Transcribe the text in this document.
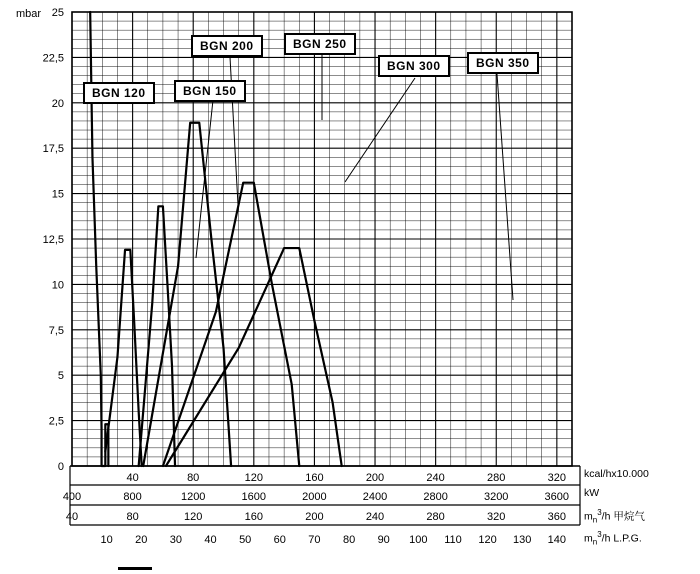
0
2,5
5
7,5
10
12,5
15
17,5
20
22,5
25
40	80	120	160	200	240	280	320
400	800	1200	1600	2000	2400	2800	3200	3600
40	80	120	160	200	240	280	320	360
10 20 30 40 50 60 70 80 90 100 110 120 130 140
mbar
BGN 120	BGN 150
BGN 200	BGN 250
BGN 300	BGN 350
kcal/hx10.000
kW
$m_n^3/h$ 甲烷气
$m_n^3/h$ L.P.G.
